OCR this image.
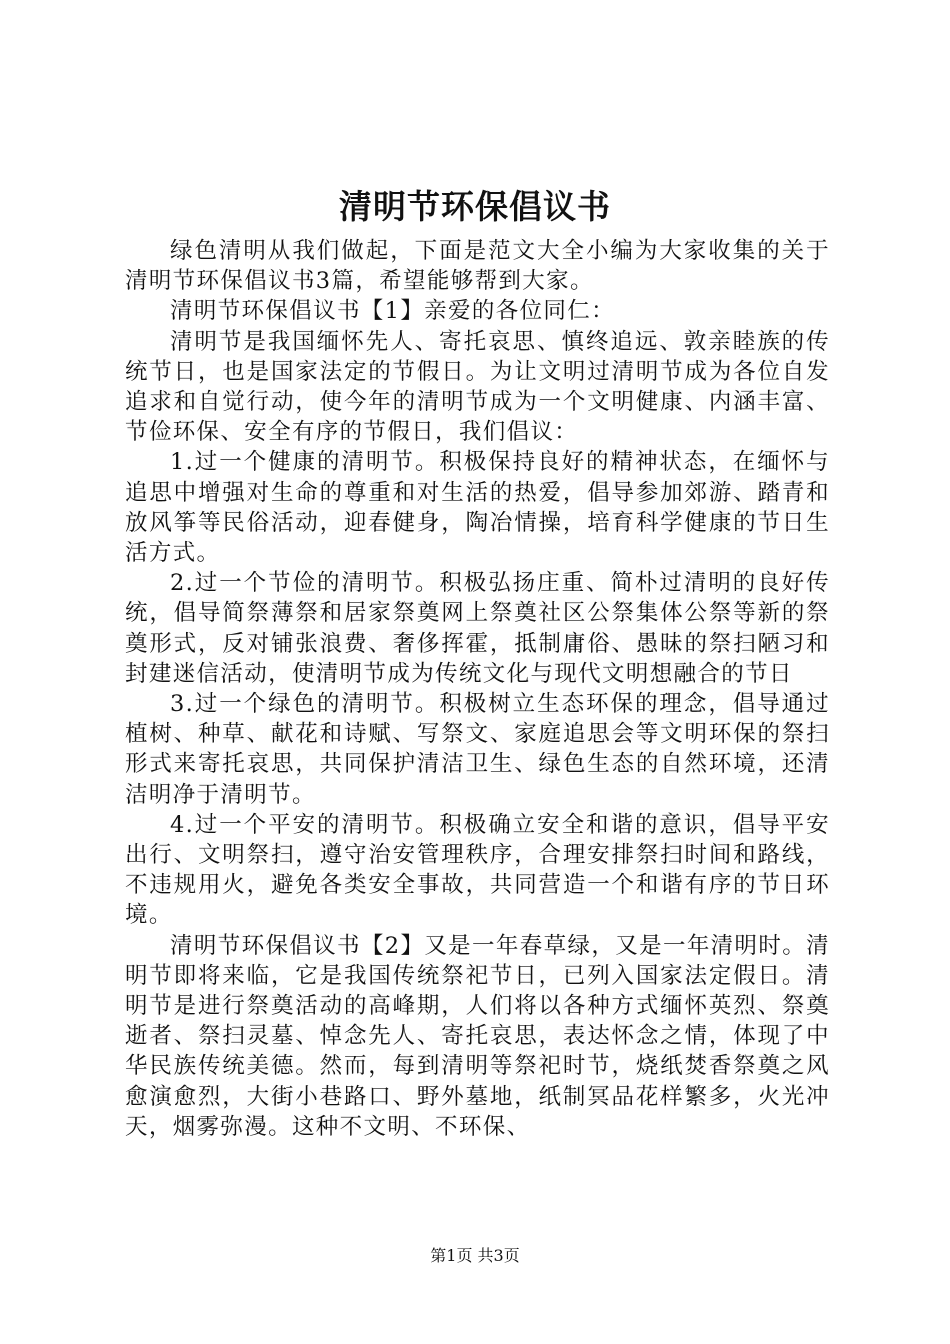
清明节环保倡议书

绿色清明从我们做起，下面是范文大全小编为大家收集的关于清明节环保倡议书3篇，希望能够帮到大家。

清明节环保倡议书【1】亲爱的各位同仁：

清明节是我国缅怀先人、寄托哀思、慎终追远、敦亲睦族的传统节日，也是国家法定的节假日。为让文明过清明节成为各位自发追求和自觉行动，使今年的清明节成为一个文明健康、内涵丰富、节俭环保、安全有序的节假日，我们倡议：

1.过一个健康的清明节。积极保持良好的精神状态，在缅怀与追思中增强对生命的尊重和对生活的热爱，倡导参加郊游、踏青和放风筝等民俗活动，迎春健身，陶冶情操，培育科学健康的节日生活方式。

2.过一个节俭的清明节。积极弘扬庄重、简朴过清明的良好传统，倡导简祭薄祭和居家祭奠网上祭奠社区公祭集体公祭等新的祭奠形式，反对铺张浪费、奢侈挥霍，抵制庸俗、愚昧的祭扫陋习和封建迷信活动，使清明节成为传统文化与现代文明想融合的节日

3.过一个绿色的清明节。积极树立生态环保的理念，倡导通过植树、种草、献花和诗赋、写祭文、家庭追思会等文明环保的祭扫形式来寄托哀思，共同保护清洁卫生、绿色生态的自然环境，还清洁明净于清明节。

4.过一个平安的清明节。积极确立安全和谐的意识，倡导平安出行、文明祭扫，遵守治安管理秩序，合理安排祭扫时间和路线，不违规用火，避免各类安全事故，共同营造一个和谐有序的节日环境。

清明节环保倡议书【2】又是一年春草绿，又是一年清明时。清明节即将来临，它是我国传统祭祀节日，已列入国家法定假日。清明节是进行祭奠活动的高峰期，人们将以各种方式缅怀英烈、祭奠逝者、祭扫灵墓、悼念先人、寄托哀思，表达怀念之情，体现了中华民族传统美德。然而，每到清明等祭祀时节，烧纸焚香祭奠之风愈演愈烈，大街小巷路口、野外墓地，纸制冥品花样繁多，火光冲天，烟雾弥漫。这种不文明、不环保、

第1页 共3页
